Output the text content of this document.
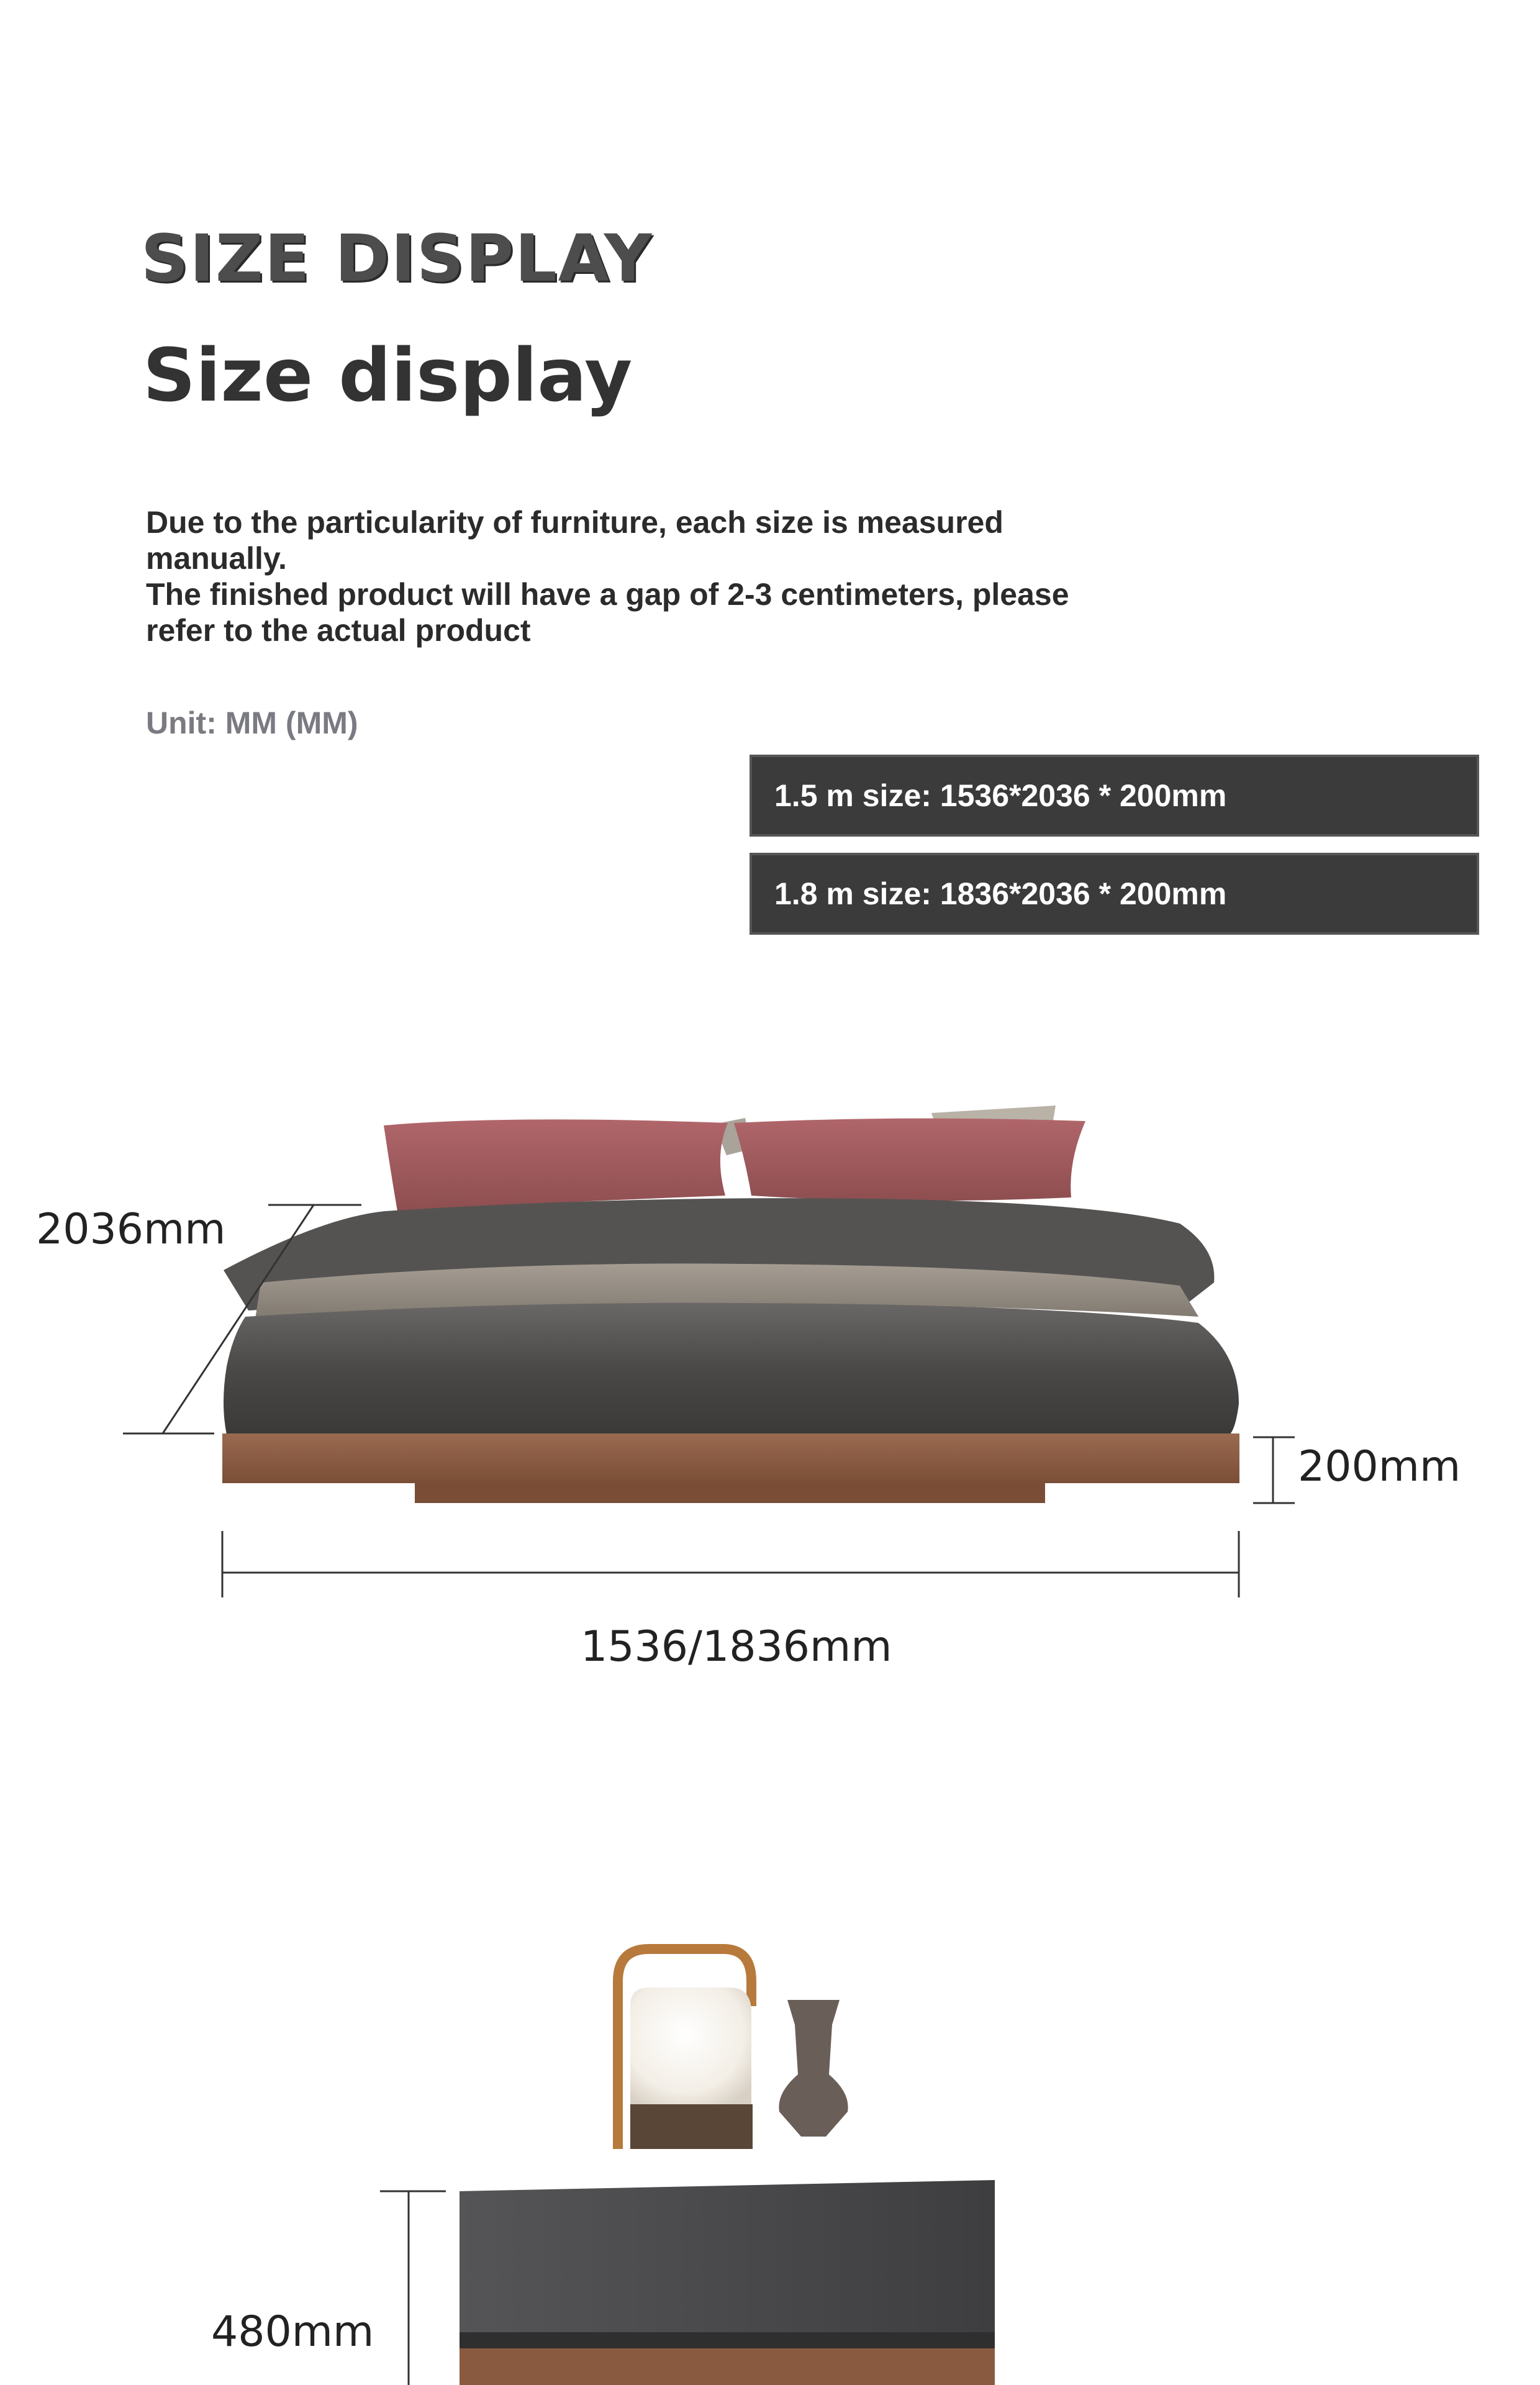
SIZE DISPLAY
Size display
Due to the particularity of furniture, each size is measured
manually.
The finished product will have a gap of 2-3 centimeters, please
refer to the actual product
Unit: MM (MM)
1.5 m size: 1536*2036 * 200mm
1.8 m size: 1836*2036 * 200mm
2036mm
200mm
1536/1836mm
480mm
